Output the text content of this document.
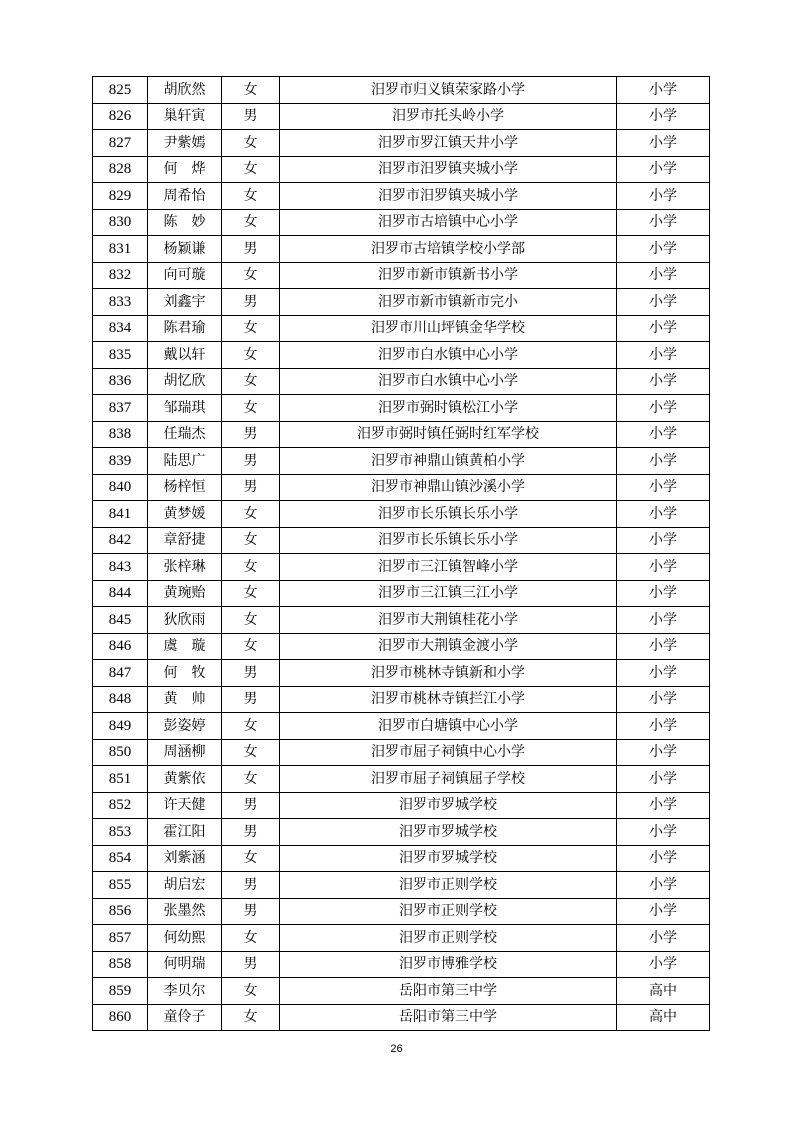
825	胡欣然	女	汨罗市归义镇荣家路小学	小学
826	巢轩寅	男	汨罗市托头岭小学	小学
827	尹紫嫣	女	汨罗市罗江镇天井小学	小学
828	何　烨	女	汨罗市汨罗镇夹城小学	小学
829	周希怡	女	汨罗市汨罗镇夹城小学	小学
830	陈　妙	女	汨罗市古培镇中心小学	小学
831	杨颖谦	男	汨罗市古培镇学校小学部	小学
832	向可璇	女	汨罗市新市镇新书小学	小学
833	刘鑫宇	男	汨罗市新市镇新市完小	小学
834	陈君瑜	女	汨罗市川山坪镇金华学校	小学
835	戴以轩	女	汨罗市白水镇中心小学	小学
836	胡忆欣	女	汨罗市白水镇中心小学	小学
837	邹瑞琪	女	汨罗市弼时镇松江小学	小学
838	任瑞杰	男	汨罗市弼时镇任弼时红军学校	小学
839	陆思广	男	汨罗市神鼎山镇黄柏小学	小学
840	杨梓恒	男	汨罗市神鼎山镇沙溪小学	小学
841	黄梦媛	女	汨罗市长乐镇长乐小学	小学
842	章舒捷	女	汨罗市长乐镇长乐小学	小学
843	张梓琳	女	汨罗市三江镇智峰小学	小学
844	黄琬贻	女	汨罗市三江镇三江小学	小学
845	狄欣雨	女	汨罗市大荆镇桂花小学	小学
846	虞　璇	女	汨罗市大荆镇金渡小学	小学
847	何　牧	男	汨罗市桃林寺镇新和小学	小学
848	黄　帅	男	汨罗市桃林寺镇拦江小学	小学
849	彭姿婷	女	汨罗市白塘镇中心小学	小学
850	周涵柳	女	汨罗市屈子祠镇中心小学	小学
851	黄紫依	女	汨罗市屈子祠镇屈子学校	小学
852	许天健	男	汨罗市罗城学校	小学
853	霍江阳	男	汨罗市罗城学校	小学
854	刘紫涵	女	汨罗市罗城学校	小学
855	胡启宏	男	汨罗市正则学校	小学
856	张墨然	男	汨罗市正则学校	小学
857	何幼熙	女	汨罗市正则学校	小学
858	何明瑞	男	汨罗市博雅学校	小学
859	李贝尔	女	岳阳市第三中学	高中
860	童伶子	女	岳阳市第三中学	高中
26
